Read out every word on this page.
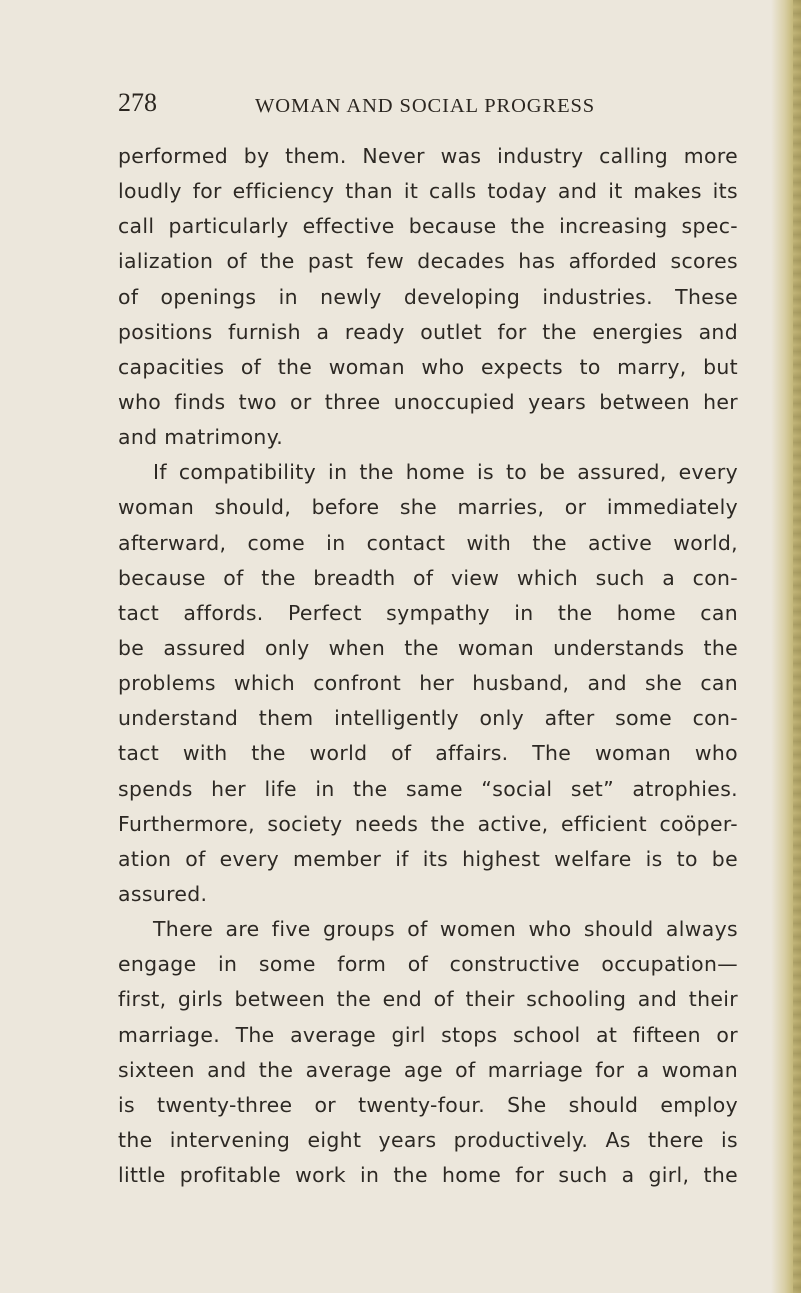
278	WOMAN AND SOCIAL PROGRESS
performed by them. Never was industry calling more
loudly for efficiency than it calls today and it makes its
call particularly effective because the increasing spec-
ialization of the past few decades has afforded scores
of openings in newly developing industries. These
positions furnish a ready outlet for the energies and
capacities of the woman who expects to marry, but
who finds two or three unoccupied years between her
and matrimony.
If compatibility in the home is to be assured, every
woman should, before she marries, or immediately
afterward, come in contact with the active world,
because of the breadth of view which such a con-
tact affords. Perfect sympathy in the home can
be assured only when the woman understands the
problems which confront her husband, and she can
understand them intelligently only after some con-
tact with the world of affairs. The woman who
spends her life in the same “social set” atrophies.
Furthermore, society needs the active, efficient coöper-
ation of every member if its highest welfare is to be
assured.
There are five groups of women who should always
engage in some form of constructive occupation—
first, girls between the end of their schooling and their
marriage. The average girl stops school at fifteen or
sixteen and the average age of marriage for a woman
is twenty-three or twenty-four. She should employ
the intervening eight years productively. As there is
little profitable work in the home for such a girl, the
